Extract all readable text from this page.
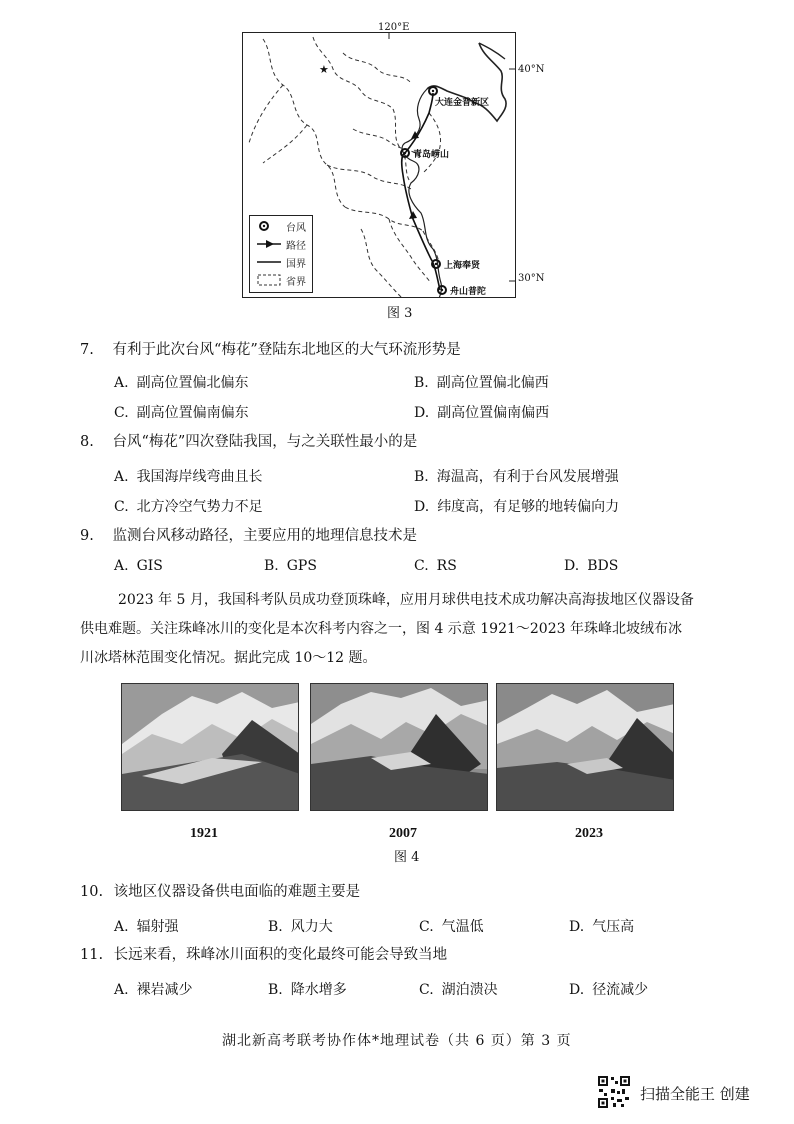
★
大连金普新区
青岛崂山
上海奉贤
舟山普陀
台风
路径
国界
省界
120°E
40°N
30°N
图 3
7. 有利于此次台风“梅花”登陆东北地区的大气环流形势是
A. 副高位置偏北偏东	B. 副高位置偏北偏西
C. 副高位置偏南偏东	D. 副高位置偏南偏西
8. 台风“梅花”四次登陆我国，与之关联性最小的是
A. 我国海岸线弯曲且长	B. 海温高，有利于台风发展增强
C. 北方冷空气势力不足	D. 纬度高，有足够的地转偏向力
9. 监测台风移动路径，主要应用的地理信息技术是
A. GIS	B. GPS	C. RS	D. BDS
2023 年 5 月，我国科考队员成功登顶珠峰，应用月球供电技术成功解决高海拔地区仪器设备
供电难题。关注珠峰冰川的变化是本次科考内容之一，图 4 示意 1921～2023 年珠峰北坡绒布冰
川冰塔林范围变化情况。据此完成 10～12 题。
1921	2007	2023
图 4
10. 该地区仪器设备供电面临的难题主要是
A. 辐射强	B. 风力大	C. 气温低	D. 气压高
11. 长远来看，珠峰冰川面积的变化最终可能会导致当地
A. 裸岩减少	B. 降水增多	C. 湖泊溃决	D. 径流减少
湖北新高考联考协作体*地理试卷（共 6 页）第 3 页
扫描全能王 创建
